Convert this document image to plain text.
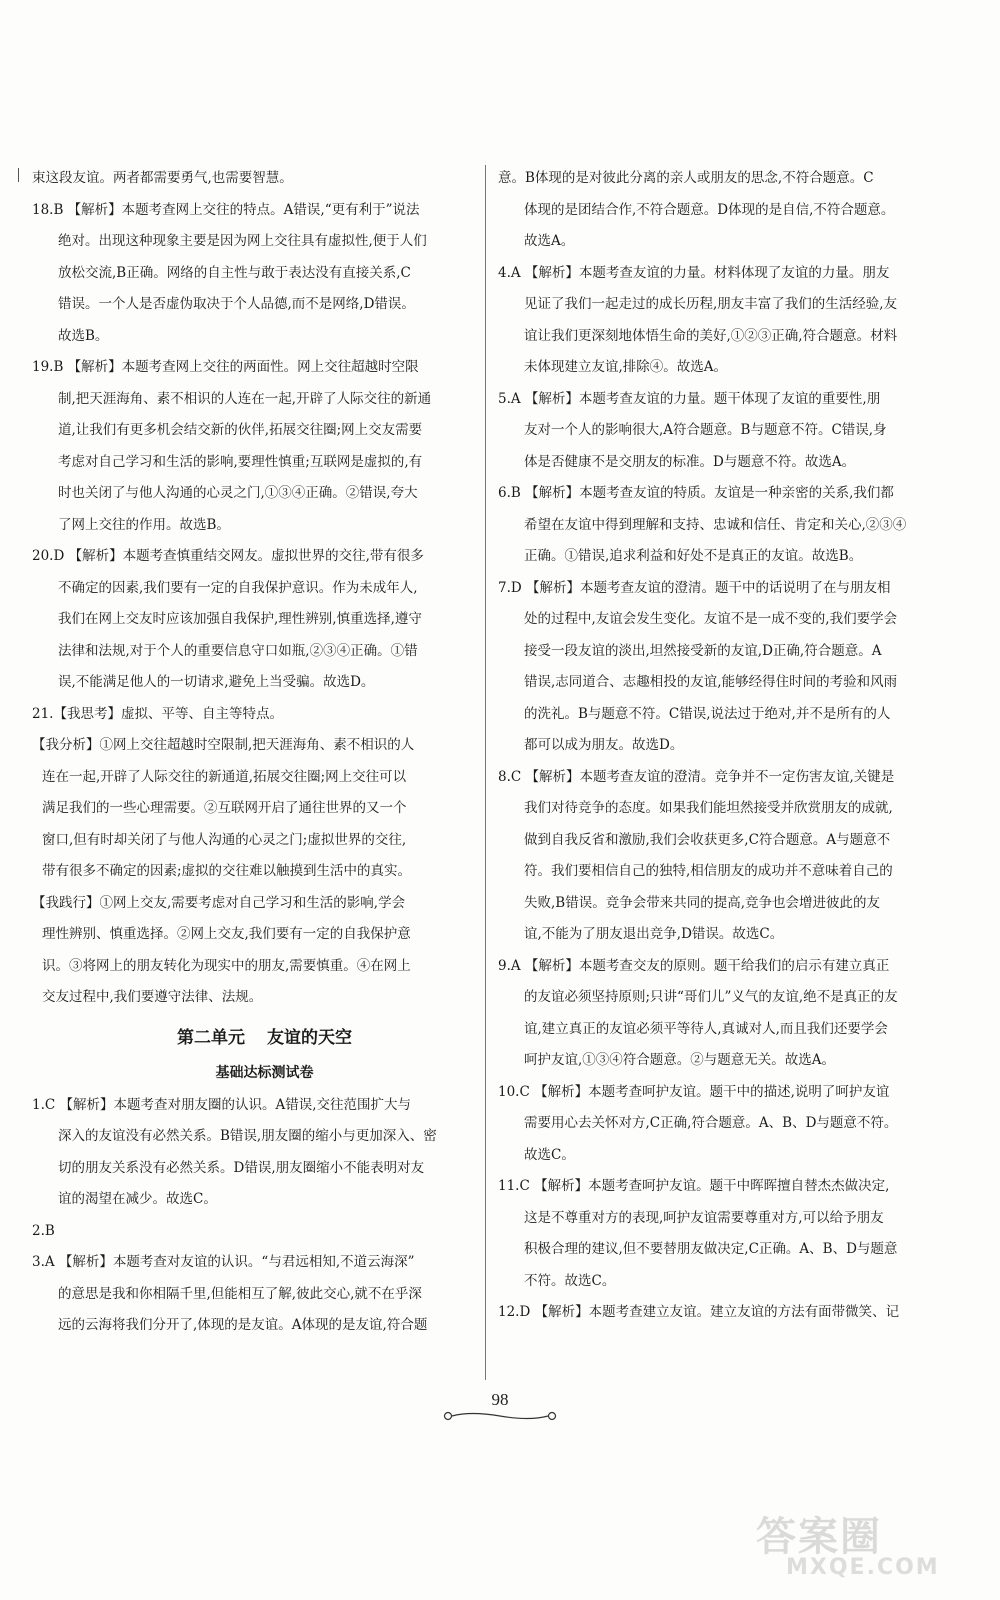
束这段友谊。两者都需要勇气,也需要智慧。

18.B 【解析】本题考查网上交往的特点。A错误,“更有利于”说法
绝对。出现这种现象主要是因为网上交往具有虚拟性,便于人们
放松交流,B正确。网络的自主性与敢于表达没有直接关系,C
错误。一个人是否虚伪取决于个人品德,而不是网络,D错误。
故选B。

19.B 【解析】本题考查网上交往的两面性。网上交往超越时空限
制,把天涯海角、素不相识的人连在一起,开辟了人际交往的新通
道,让我们有更多机会结交新的伙伴,拓展交往圈;网上交友需要
考虑对自己学习和生活的影响,要理性慎重;互联网是虚拟的,有
时也关闭了与他人沟通的心灵之门,①③④正确。②错误,夸大
了网上交往的作用。故选B。

20.D 【解析】本题考查慎重结交网友。虚拟世界的交往,带有很多
不确定的因素,我们要有一定的自我保护意识。作为未成年人,
我们在网上交友时应该加强自我保护,理性辨别,慎重选择,遵守
法律和法规,对于个人的重要信息守口如瓶,②③④正确。①错
误,不能满足他人的一切请求,避免上当受骗。故选D。

21.【我思考】虚拟、平等、自主等特点。

【我分析】①网上交往超越时空限制,把天涯海角、素不相识的人
连在一起,开辟了人际交往的新通道,拓展交往圈;网上交往可以
满足我们的一些心理需要。②互联网开启了通往世界的又一个
窗口,但有时却关闭了与他人沟通的心灵之门;虚拟世界的交往,
带有很多不确定的因素;虚拟的交往难以触摸到生活中的真实。

【我践行】①网上交友,需要考虑对自己学习和生活的影响,学会
理性辨别、慎重选择。②网上交友,我们要有一定的自我保护意
识。③将网上的朋友转化为现实中的朋友,需要慎重。④在网上
交友过程中,我们要遵守法律、法规。

第二单元 友谊的天空
基础达标测试卷

1.C 【解析】本题考查对朋友圈的认识。A错误,交往范围扩大与
深入的友谊没有必然关系。B错误,朋友圈的缩小与更加深入、密
切的朋友关系没有必然关系。D错误,朋友圈缩小不能表明对友
谊的渴望在减少。故选C。

2.B

3.A 【解析】本题考查对友谊的认识。“与君远相知,不道云海深”
的意思是我和你相隔千里,但能相互了解,彼此交心,就不在乎深
远的云海将我们分开了,体现的是友谊。A体现的是友谊,符合题

意。B体现的是对彼此分离的亲人或朋友的思念,不符合题意。C
体现的是团结合作,不符合题意。D体现的是自信,不符合题意。
故选A。

4.A 【解析】本题考查友谊的力量。材料体现了友谊的力量。朋友
见证了我们一起走过的成长历程,朋友丰富了我们的生活经验,友
谊让我们更深刻地体悟生命的美好,①②③正确,符合题意。材料
未体现建立友谊,排除④。故选A。

5.A 【解析】本题考查友谊的力量。题干体现了友谊的重要性,朋
友对一个人的影响很大,A符合题意。B与题意不符。C错误,身
体是否健康不是交朋友的标准。D与题意不符。故选A。

6.B 【解析】本题考查友谊的特质。友谊是一种亲密的关系,我们都
希望在友谊中得到理解和支持、忠诚和信任、肯定和关心,②③④
正确。①错误,追求利益和好处不是真正的友谊。故选B。

7.D 【解析】本题考查友谊的澄清。题干中的话说明了在与朋友相
处的过程中,友谊会发生变化。友谊不是一成不变的,我们要学会
接受一段友谊的淡出,坦然接受新的友谊,D正确,符合题意。A
错误,志同道合、志趣相投的友谊,能够经得住时间的考验和风雨
的洗礼。B与题意不符。C错误,说法过于绝对,并不是所有的人
都可以成为朋友。故选D。

8.C 【解析】本题考查友谊的澄清。竞争并不一定伤害友谊,关键是
我们对待竞争的态度。如果我们能坦然接受并欣赏朋友的成就,
做到自我反省和激励,我们会收获更多,C符合题意。A与题意不
符。我们要相信自己的独特,相信朋友的成功并不意味着自己的
失败,B错误。竞争会带来共同的提高,竞争也会增进彼此的友
谊,不能为了朋友退出竞争,D错误。故选C。

9.A 【解析】本题考查交友的原则。题干给我们的启示有建立真正
的友谊必须坚持原则;只讲“哥们儿”义气的友谊,绝不是真正的友
谊,建立真正的友谊必须平等待人,真诚对人,而且我们还要学会
呵护友谊,①③④符合题意。②与题意无关。故选A。

10.C 【解析】本题考查呵护友谊。题干中的描述,说明了呵护友谊
需要用心去关怀对方,C正确,符合题意。A、B、D与题意不符。
故选C。

11.C 【解析】本题考查呵护友谊。题干中晖晖擅自替杰杰做决定,
这是不尊重对方的表现,呵护友谊需要尊重对方,可以给予朋友
积极合理的建议,但不要替朋友做决定,C正确。A、B、D与题意
不符。故选C。

12.D 【解析】本题考查建立友谊。建立友谊的方法有面带微笑、记

98
答案圈
MXQE.COM
